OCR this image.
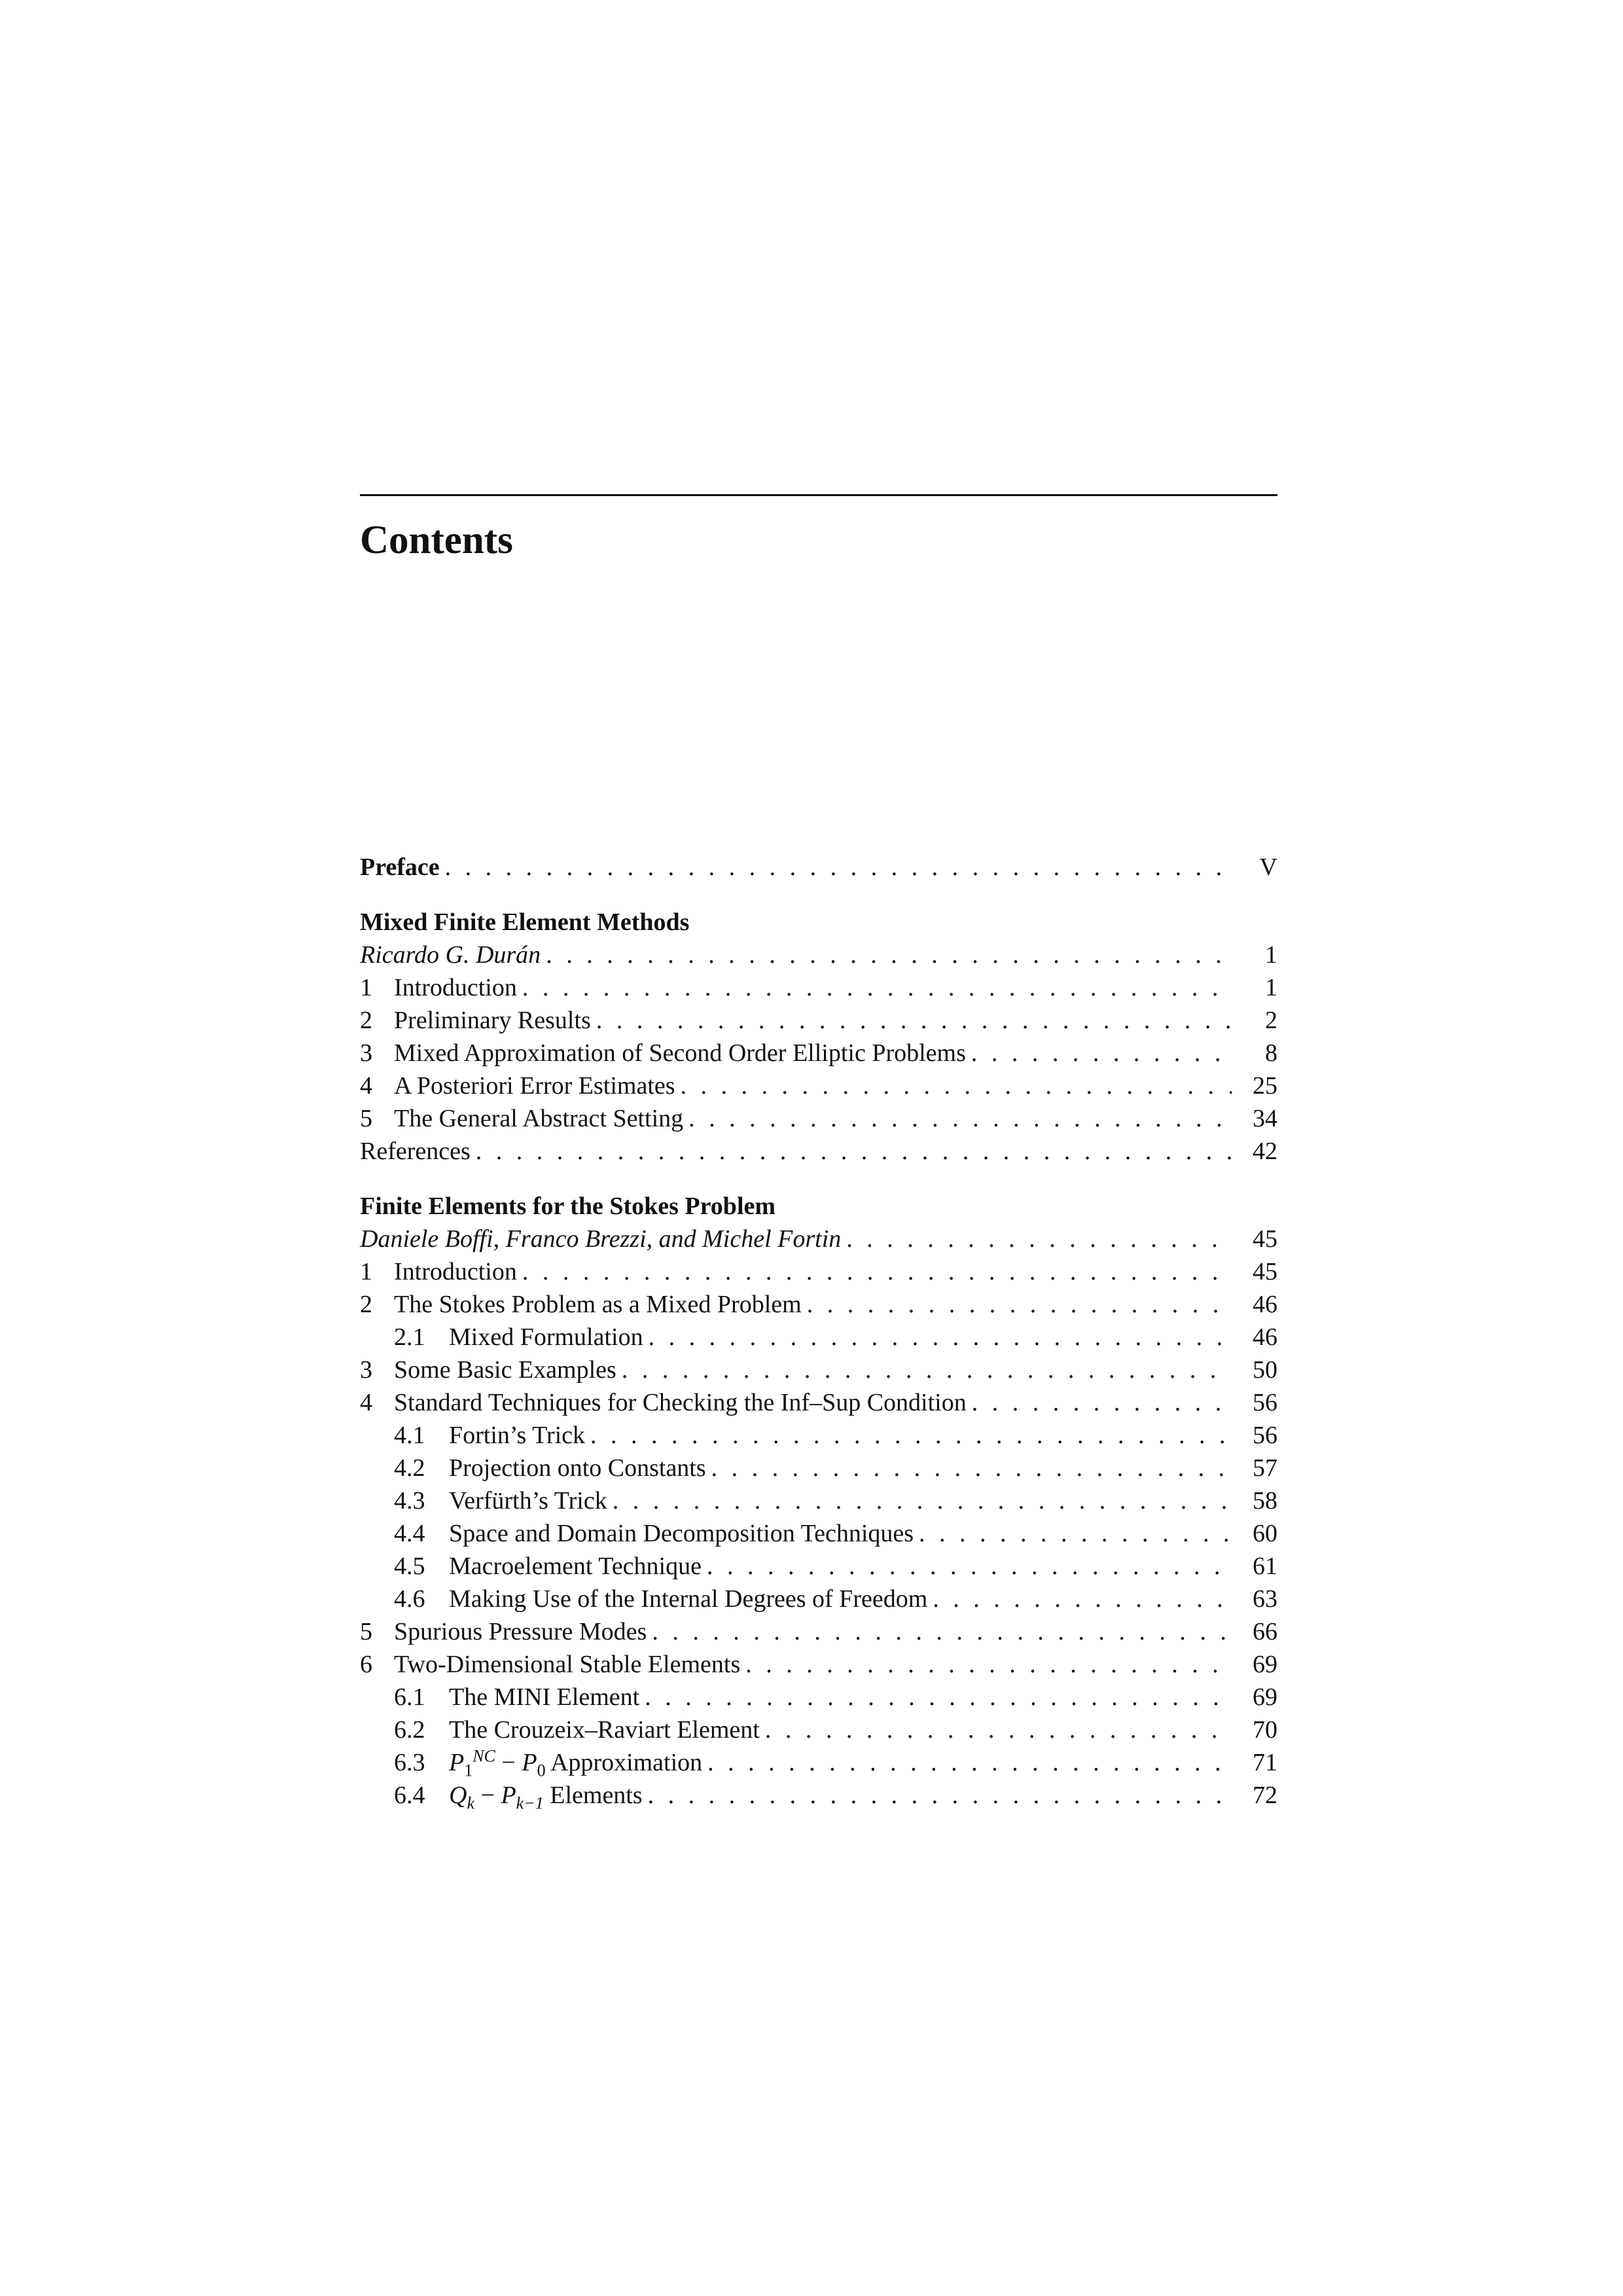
Contents
Preface . . .	V
Mixed Finite Element Methods
Ricardo G. Durán . . .	1
1 Introduction . . .	1
2 Preliminary Results . . .	2
3 Mixed Approximation of Second Order Elliptic Problems . . .	8
4 A Posteriori Error Estimates . . .	25
5 The General Abstract Setting . . .	34
References . . .	42
Finite Elements for the Stokes Problem
Daniele Boffi, Franco Brezzi, and Michel Fortin . . .	45
1 Introduction . . .	45
2 The Stokes Problem as a Mixed Problem . . .	46
2.1 Mixed Formulation . . .	46
3 Some Basic Examples . . .	50
4 Standard Techniques for Checking the Inf–Sup Condition . . .	56
4.1 Fortin’s Trick . . .	56
4.2 Projection onto Constants . . .	57
4.3 Verfürth’s Trick . . .	58
4.4 Space and Domain Decomposition Techniques . . .	60
4.5 Macroelement Technique . . .	61
4.6 Making Use of the Internal Degrees of Freedom . . .	63
5 Spurious Pressure Modes . . .	66
6 Two-Dimensional Stable Elements . . .	69
6.1 The MINI Element . . .	69
6.2 The Crouzeix–Raviart Element . . .	70
6.3 $P_1^{NC} - P_0$ Approximation . . .	71
6.4 $Q_k - P_{k-1}$ Elements . . .	72
